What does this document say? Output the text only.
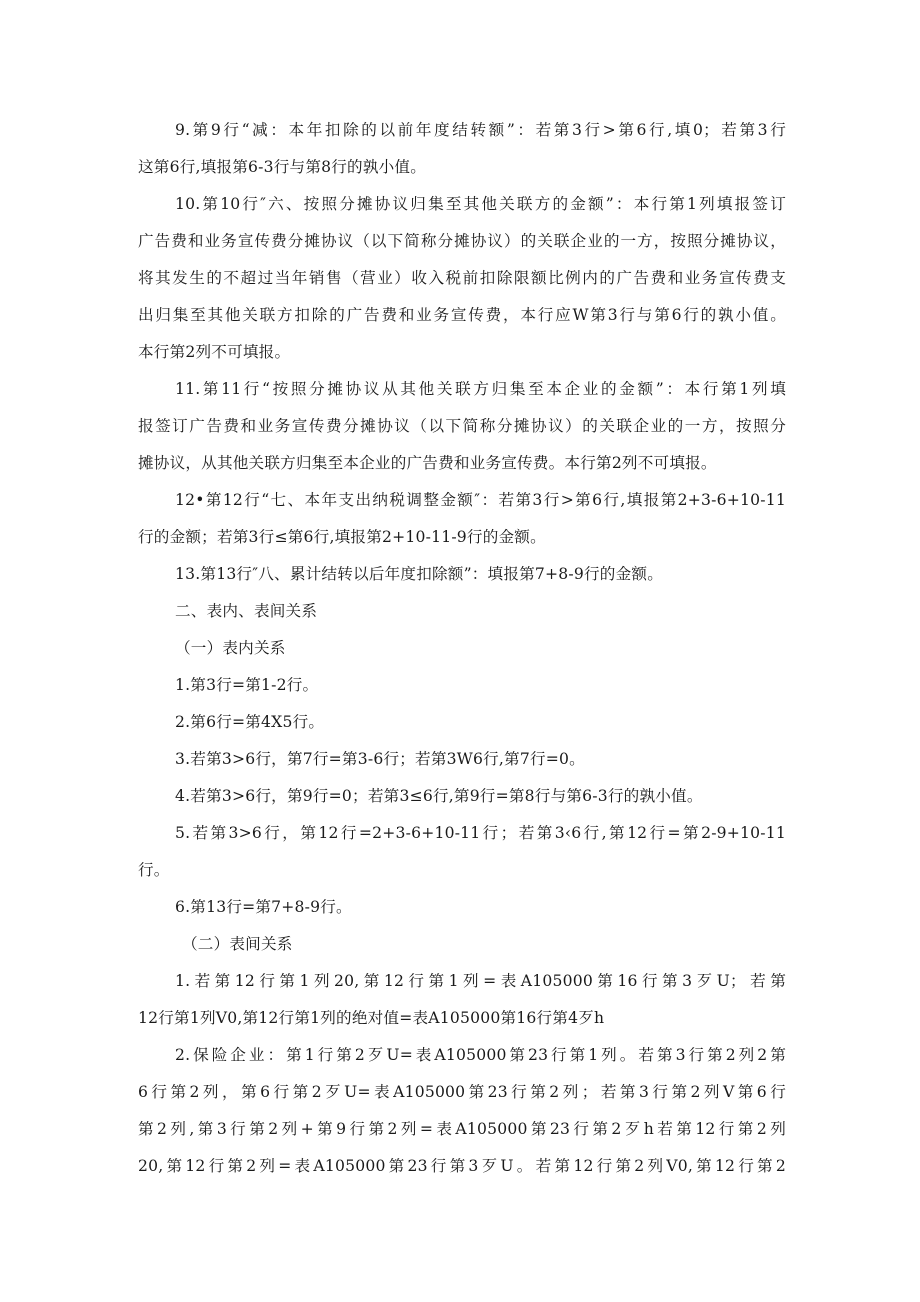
9.第9行“减：本年扣除的以前年度结转额”：若第3行>第6行,填0；若第3行
这第6行,填报第6-3行与第8行的孰小值。
10.第10行″六、按照分摊协议归集至其他关联方的金额”：本行第1列填报签订
广告费和业务宣传费分摊协议（以下简称分摊协议）的关联企业的一方，按照分摊协议，
将其发生的不超过当年销售（营业）收入税前扣除限额比例内的广告费和业务宣传费支
出归集至其他关联方扣除的广告费和业务宣传费，本行应W第3行与第6行的孰小值。
本行第2列不可填报。
11.第11行“按照分摊协议从其他关联方归集至本企业的金额”：本行第1列填
报签订广告费和业务宣传费分摊协议（以下简称分摊协议）的关联企业的一方，按照分
摊协议，从其他关联方归集至本企业的广告费和业务宣传费。本行第2列不可填报。
12•第12行“七、本年支出纳税调整金额″：若第3行>第6行,填报第2+3-6+10-11
行的金额；若第3行≤第6行,填报第2+10-11-9行的金额。
13.第13行″八、累计结转以后年度扣除额”：填报第7+8-9行的金额。
二、表内、表间关系
（一）表内关系
1.第3行=第1-2行。
2.第6行=第4X5行。
3.若第3>6行，第7行=第3-6行；若第3W6行,第7行=0。
4.若第3>6行，第9行=0；若第3≤6行,第9行=第8行与第6-3行的孰小值。
5.若第3>6行，第12行=2+3-6+10-11行；若第3‹6行,第12行=第2-9+10-11
行。
6.第13行=第7+8-9行。
（二）表间关系
1.若第12行第1列20,第12行第1列=表A105000第16行第3歹U；若第
12行第1列V0,第12行第1列的绝对值=表A105000第16行第4歹h
2.保险企业：第1行第2歹U=表A105000第23行第1列。若第3行第2列2第
6行第2列，第6行第2歹U=表A105000第23行第2列；若第3行第2列V第6行
第2列,第3行第2列+第9行第2列=表A105000第23行第2歹h若第12行第2列
20,第12行第2列=表A105000第23行第3歹U。若第12行第2列V0,第12行第2
